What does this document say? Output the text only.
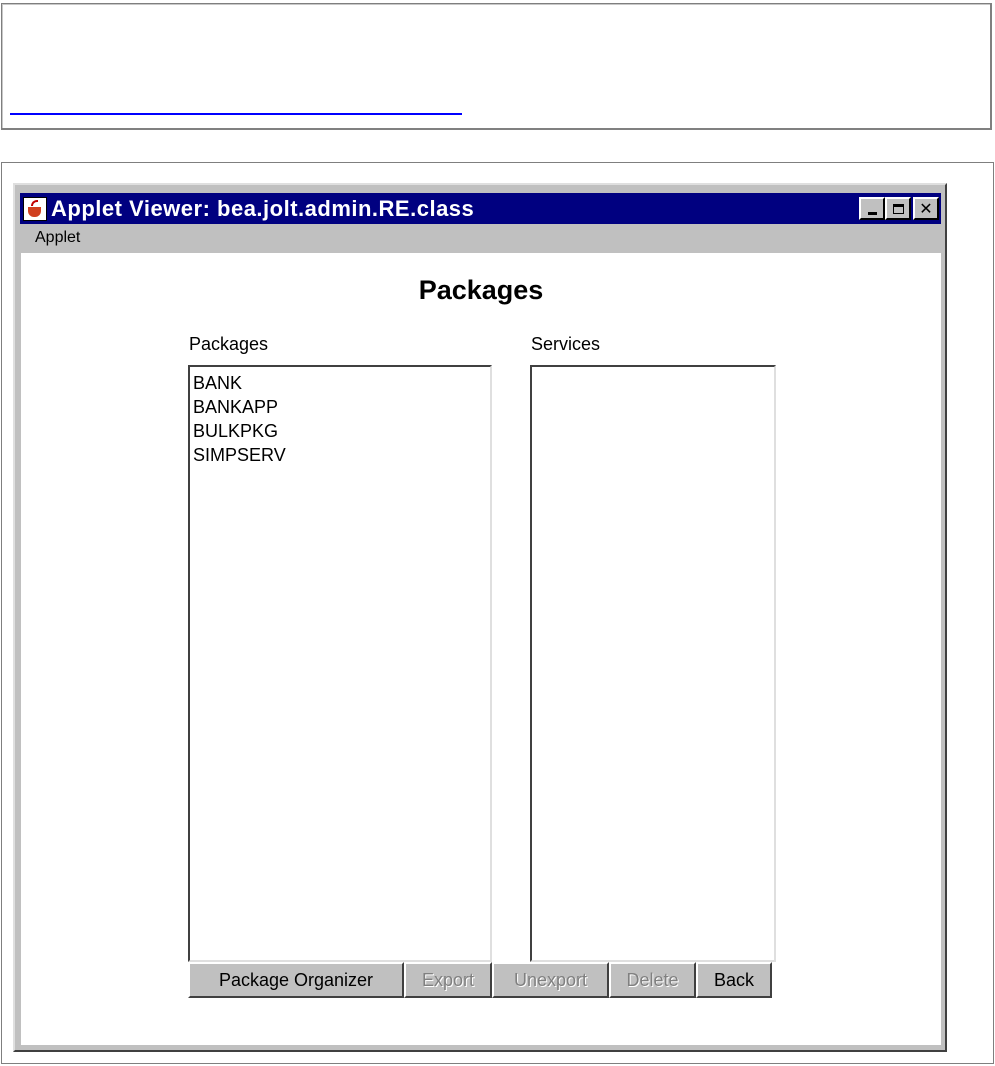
Applet Viewer: bea.jolt.admin.RE.class	✕
Applet
Packages
Packages
BANK
BANKAPP
BULKPKG
SIMPSERV
Services
Package Organizer	Export	Unexport	Delete	Back
